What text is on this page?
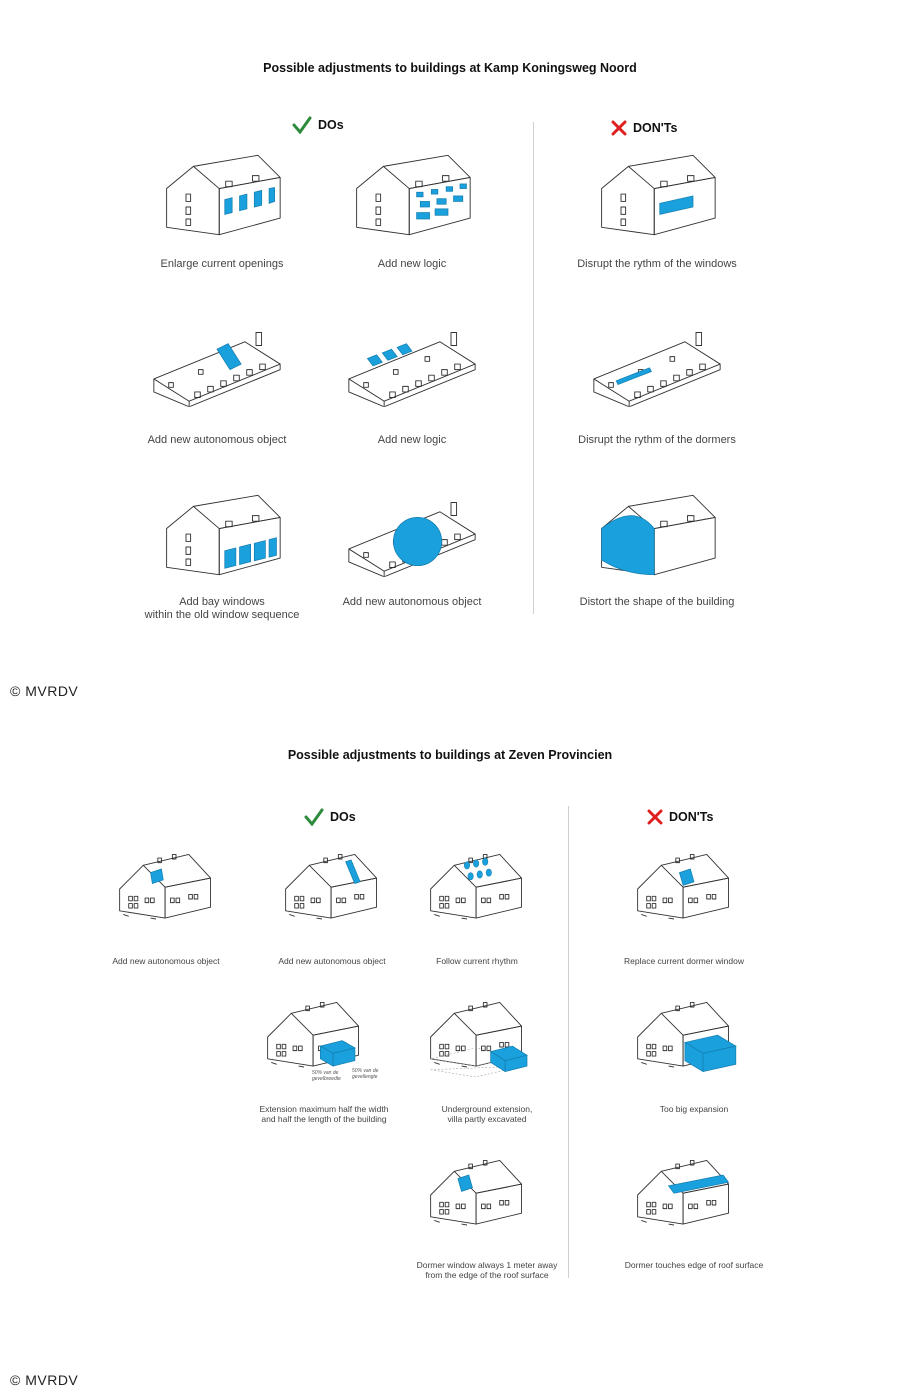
Possible adjustments to buildings at Kamp Koningsweg Noord
DOs	DON'Ts
Enlarge current openings	Add new logic	Disrupt the rythm of the windows
Add new autonomous object	Add new logic	Disrupt the rythm of the dormers
Add bay windows
within the old window sequence
Add new autonomous object	Distort the shape of the building
© MVRDV
Possible adjustments to buildings at Zeven Provincien
DOs	DON'Ts
Add new autonomous object	Add new autonomous object	Follow current rhythm	Replace current dormer window
50% van de
gevelbreedte
50% van de
gevellengte
Extension maximum half the width
and half the length of the building
Underground extension,
villa partly excavated
Too big expansion
Dormer window always 1 meter away
from the edge of the roof surface
Dormer touches edge of roof surface
© MVRDV
